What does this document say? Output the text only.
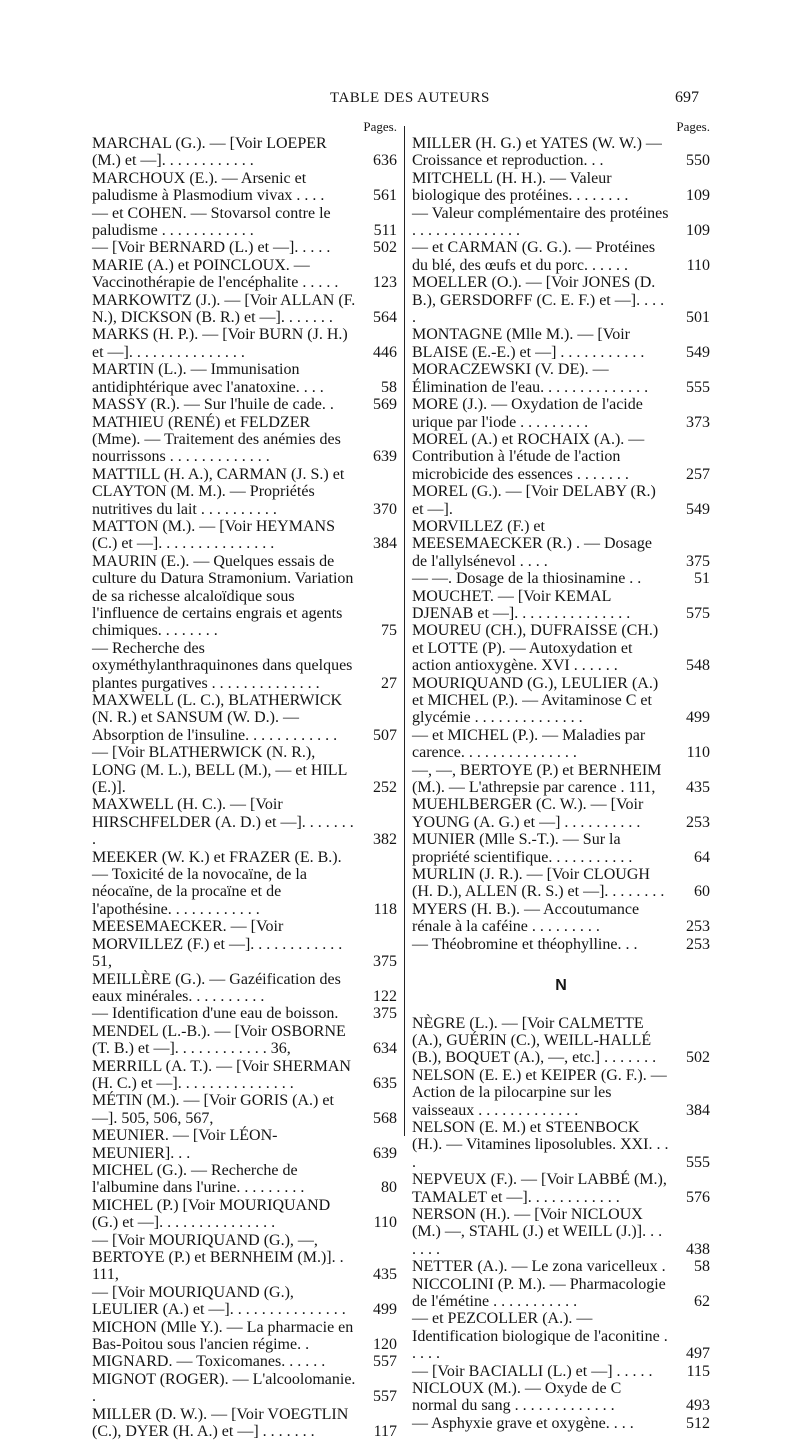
TABLE DES AUTEURS	697
Pages.
MARCHAL (G.). — [Voir LOEPER (M.) et —]. . . . . . . . . . . .	636
MARCHOUX (E.). — Arsenic et paludisme à Plasmodium vivax . . . .	561
— et COHEN. — Stovarsol contre le paludisme . . . . . . . . . . . .	511
— [Voir BERNARD (L.) et —]. . . . .	502
MARIE (A.) et POINCLOUX. — Vaccinothérapie de l'encéphalite . . . . .	123
MARKOWITZ (J.). — [Voir ALLAN (F. N.), DICKSON (B. R.) et —]. . . . . . .	564
MARKS (H. P.). — [Voir BURN (J. H.) et —]. . . . . . . . . . . . . . .	446
MARTIN (L.). — Immunisation antidiphtérique avec l'anatoxine. . . .	58
MASSY (R.). — Sur l'huile de cade. .	569
MATHIEU (RENÉ) et FELDZER (Mme). — Traitement des anémies des nourrissons . . . . . . . . . . . . .	639
MATTILL (H. A.), CARMAN (J. S.) et CLAYTON (M. M.). — Propriétés nutritives du lait . . . . . . . . . .	370
MATTON (M.). — [Voir HEYMANS (C.) et —]. . . . . . . . . . . . . . .	384
MAURIN (E.). — Quelques essais de culture du Datura Stramonium. Variation de sa richesse alcaloïdique sous l'influence de certains engrais et agents chimiques. . . . . . . .	75
— Recherche des oxyméthylanthraquinones dans quelques plantes purgatives . . . . . . . . . . . . . .	27
MAXWELL (L. C.), BLATHERWICK (N. R.) et SANSUM (W. D.). — Absorption de l'insuline. . . . . . . . . . . .	507
— [Voir BLATHERWICK (N. R.), LONG (M. L.), BELL (M.), — et HILL (E.)].	252
MAXWELL (H. C.). — [Voir HIRSCHFELDER (A. D.) et —]. . . . . . . .	382
MEEKER (W. K.) et FRAZER (E. B.). — Toxicité de la novocaïne, de la néocaïne, de la procaïne et de l'apothésine. . . . . . . . . . . .	118
MEESEMAECKER. — [Voir MORVILLEZ (F.) et —]. . . . . . . . . . . . 51,	375
MEILLÈRE (G.). — Gazéification des eaux minérales. . . . . . . . . .	122
— Identification d'une eau de boisson.	375
MENDEL (L.-B.). — [Voir OSBORNE (T. B.) et —]. . . . . . . . . . . . 36,	634
MERRILL (A. T.). — [Voir SHERMAN (H. C.) et —]. . . . . . . . . . . . . . .	635
MÉTIN (M.). — [Voir GORIS (A.) et —]. 505, 506, 567,	568
MEUNIER. — [Voir LÉON-MEUNIER]. . .	639
MICHEL (G.). — Recherche de l'albumine dans l'urine. . . . . . . . .	80
MICHEL (P.) [Voir MOURIQUAND (G.) et —]. . . . . . . . . . . . . . .	110
— [Voir MOURIQUAND (G.), —, BERTOYE (P.) et BERNHEIM (M.)]. . 111,	435
— [Voir MOURIQUAND (G.), LEULIER (A.) et —]. . . . . . . . . . . . . . .	499
MICHON (Mlle Y.). — La pharmacie en Bas-Poitou sous l'ancien régime. .	120
MIGNARD. — Toxicomanes. . . . . .	557
MIGNOT (ROGER). — L'alcoolomanie. .	557
MILLER (D. W.). — [Voir VOEGTLIN (C.), DYER (H. A.) et —] . . . . . . .	117
Pages.
MILLER (H. G.) et YATES (W. W.) — Croissance et reproduction. . .	550
MITCHELL (H. H.). — Valeur biologique des protéines. . . . . . . .	109
— Valeur complémentaire des protéines . . . . . . . . . . . . . .	109
— et CARMAN (G. G.). — Protéines du blé, des œufs et du porc. . . . . .	110
MOELLER (O.). — [Voir JONES (D. B.), GERSDORFF (C. E. F.) et —]. . . . .	501
MONTAGNE (Mlle M.). — [Voir BLAISE (E.-E.) et —] . . . . . . . . . . .	549
MORACZEWSKI (V. DE). — Élimination de l'eau. . . . . . . . . . . . . .	555
MORE (J.). — Oxydation de l'acide urique par l'iode . . . . . . . . .	373
MOREL (A.) et ROCHAIX (A.). — Contribution à l'étude de l'action microbicide des essences . . . . . . .	257
MOREL (G.). — [Voir DELABY (R.) et —].	549
MORVILLEZ (F.) et MEESEMAECKER (R.) . — Dosage de l'allylsénevol . . . .	375
— —. Dosage de la thiosinamine . .	51
MOUCHET. — [Voir KEMAL DJENAB et —]. . . . . . . . . . . . . . .	575
MOUREU (CH.), DUFRAISSE (CH.) et LOTTE (P). — Autoxydation et action antioxygène. XVI . . . . . .	548
MOURIQUAND (G.), LEULIER (A.) et MICHEL (P.). — Avitaminose C et glycémie . . . . . . . . . . . . . .	499
— et MICHEL (P.). — Maladies par carence. . . . . . . . . . . . . . .	110
—, —, BERTOYE (P.) et BERNHEIM (M.). — L'athrepsie par carence . 111,	435
MUEHLBERGER (C. W.). — [Voir YOUNG (A. G.) et —] . . . . . . . . . .	253
MUNIER (Mlle S.-T.). — Sur la propriété scientifique. . . . . . . . . . .	64
MURLIN (J. R.). — [Voir CLOUGH (H. D.), ALLEN (R. S.) et —]. . . . . . . .	60
MYERS (H. B.). — Accoutumance rénale à la caféine . . . . . . . . .	253
— Théobromine et théophylline. . .	253
N
NÈGRE (L.). — [Voir CALMETTE (A.), GUÉRIN (C.), WEILL-HALLÉ (B.), BOQUET (A.), —, etc.] . . . . . . .	502
NELSON (E. E.) et KEIPER (G. F.). — Action de la pilocarpine sur les vaisseaux . . . . . . . . . . . . .	384
NELSON (E. M.) et STEENBOCK (H.). — Vitamines liposolubles. XXI. . . .	555
NEPVEUX (F.). — [Voir LABBÉ (M.), TAMALET et —]. . . . . . . . . . . .	576
NERSON (H.). — [Voir NICLOUX (M.) —, STAHL (J.) et WEILL (J.)]. . . . . . .	438
NETTER (A.). — Le zona varicelleux .	58
NICCOLINI (P. M.). — Pharmacologie de l'émétine . . . . . . . . . . .	62
— et PEZCOLLER (A.). — Identification biologique de l'aconitine . . . . .	497
— [Voir BACIALLI (L.) et —] . . . . .	115
NICLOUX (M.). — Oxyde de C normal du sang . . . . . . . . . . . . .	493
— Asphyxie grave et oxygène. . . .	512
